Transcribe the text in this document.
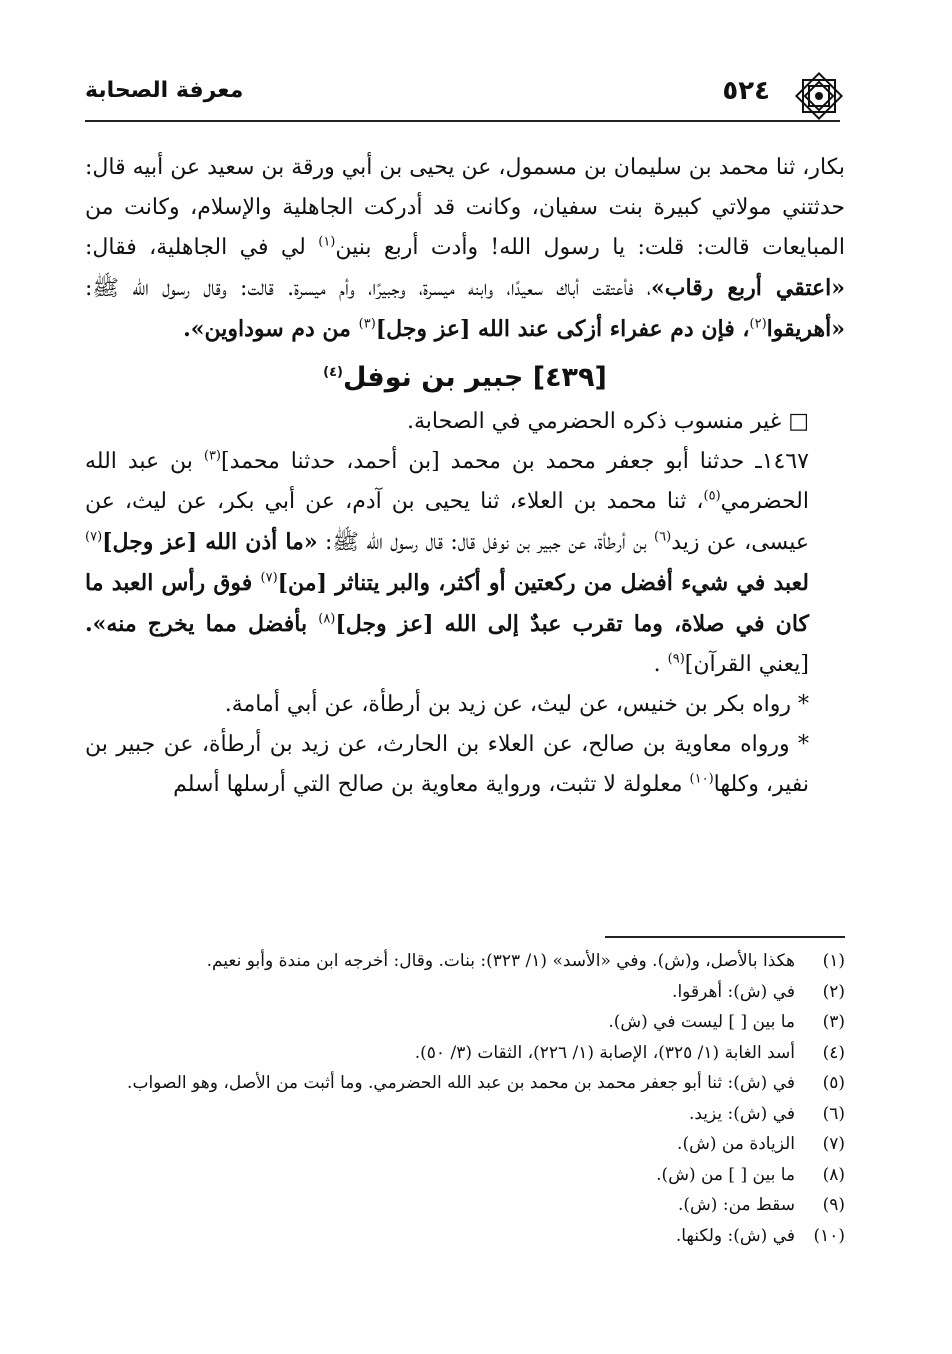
٥٢٤
معرفة الصحابة

بكار، ثنا محمد بن سليمان بن مسمول، عن يحيى بن أبي ورقة بن سعيد عن أبيه قال: حدثتني مولاتي كبيرة بنت سفيان، وكانت قد أدركت الجاهلية والإسلام، وكانت من المبايعات قالت: قلت: يا رسول الله! وأدت أربع بنين$^{(١)}$ لي في الجاهلية، فقال: «اعتقي أربع رقاب»، فأعتقت أباك سعيدًا، وابنه ميسرة، وجبيرًا، وأم ميسرة. قالت: وقال رسول الله ﷺ: «أهريقوا$^{(٢)}$، فإن دم عفراء أزكى عند الله [عز وجل]$^{(٣)}$ من دم سوداوين».

[٤٣٩] جبير بن نوفل$^{(٤)}$

□ غير منسوب ذكره الحضرمي في الصحابة.

١٤٦٧ـ حدثنا أبو جعفر محمد بن محمد [بن أحمد، حدثنا محمد]$^{(٣)}$ بن عبد الله الحضرمي$^{(٥)}$، ثنا محمد بن العلاء، ثنا يحيى بن آدم، عن أبي بكر، عن ليث، عن عيسى، عن زيد$^{(٦)}$ بن أرطأة، عن جبير بن نوفل قال: قال رسول الله ﷺ: «ما أذن الله [عز وجل]$^{(٧)}$ لعبد في شيء أفضل من ركعتين أو أكثر، والبر يتناثر [من]$^{(٧)}$ فوق رأس العبد ما كان في صلاة، وما تقرب عبدٌ إلى الله [عز وجل]$^{(٨)}$ بأفضل مما يخرج منه». [يعني القرآن]$^{(٩)}$ .

* رواه بكر بن خنيس، عن ليث، عن زيد بن أرطأة، عن أبي أمامة.

* ورواه معاوية بن صالح، عن العلاء بن الحارث، عن زيد بن أرطأة، عن جبير بن نفير، وكلها$^{(١٠)}$ معلولة لا تثبت، ورواية معاوية بن صالح التي أرسلها أسلم

(١)
هكذا بالأصل، و(ش). وفي «الأسد» (١/ ٣٢٣): بنات. وقال: أخرجه ابن مندة وأبو نعيم.
(٢)
في (ش): أهرقوا.
(٣)
ما بين [ ] ليست في (ش).
(٤)
أسد الغابة (١/ ٣٢٥)، الإصابة (١/ ٢٢٦)، الثقات (٣/ ٥٠).
(٥)
في (ش): ثنا أبو جعفر محمد بن محمد بن عبد الله الحضرمي. وما أثبت من الأصل، وهو الصواب.
(٦)
في (ش): يزيد.
(٧)
الزيادة من (ش).
(٨)
ما بين [ ] من (ش).
(٩)
سقط من: (ش).
(١٠)
في (ش): ولكنها.
